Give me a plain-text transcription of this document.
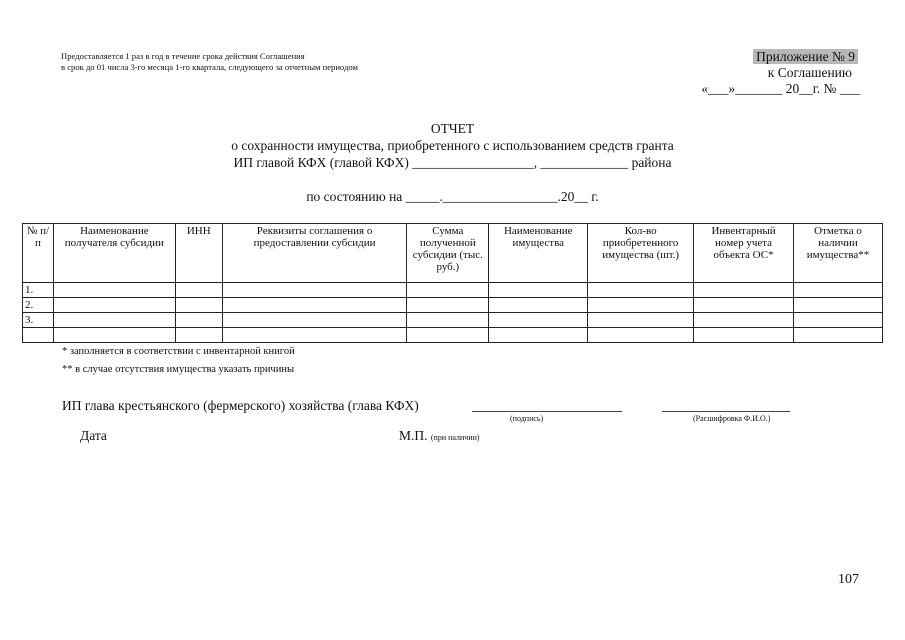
Предоставляется 1 раз в год в течение срока действия Соглашения
в срок до 01 числа 3-го месяца 1-го квартала, следующего за отчетным периодом
Приложение № 9
к Соглашению
«___»_______ 20__г. № ___
ОТЧЕТ
о сохранности имущества, приобретенного с использованием средств гранта
ИП главой КФХ (главой КФХ) __________________, _____________ района
по состоянию на _____._________________.20__ г.
№ п/п	Наименование получателя субсидии	ИНН	Реквизиты соглашения о предоставлении субсидии	Сумма полученной субсидии (тыс. руб.)	Наименование имущества	Кол-во приобретенного имущества (шт.)	Инвентарный номер учета объекта ОС*	Отметка о наличии имущества**
1.								
2.								
3.								

* заполняется в соответствии с инвентарной книгой
** в случае отсутствия имущества указать причины
ИП глава крестьянского (фермерского) хозяйства (глава КФХ)
(подпись)	(Расшифровка Ф.И.О.)
Дата	М.П. (при наличии)
107
